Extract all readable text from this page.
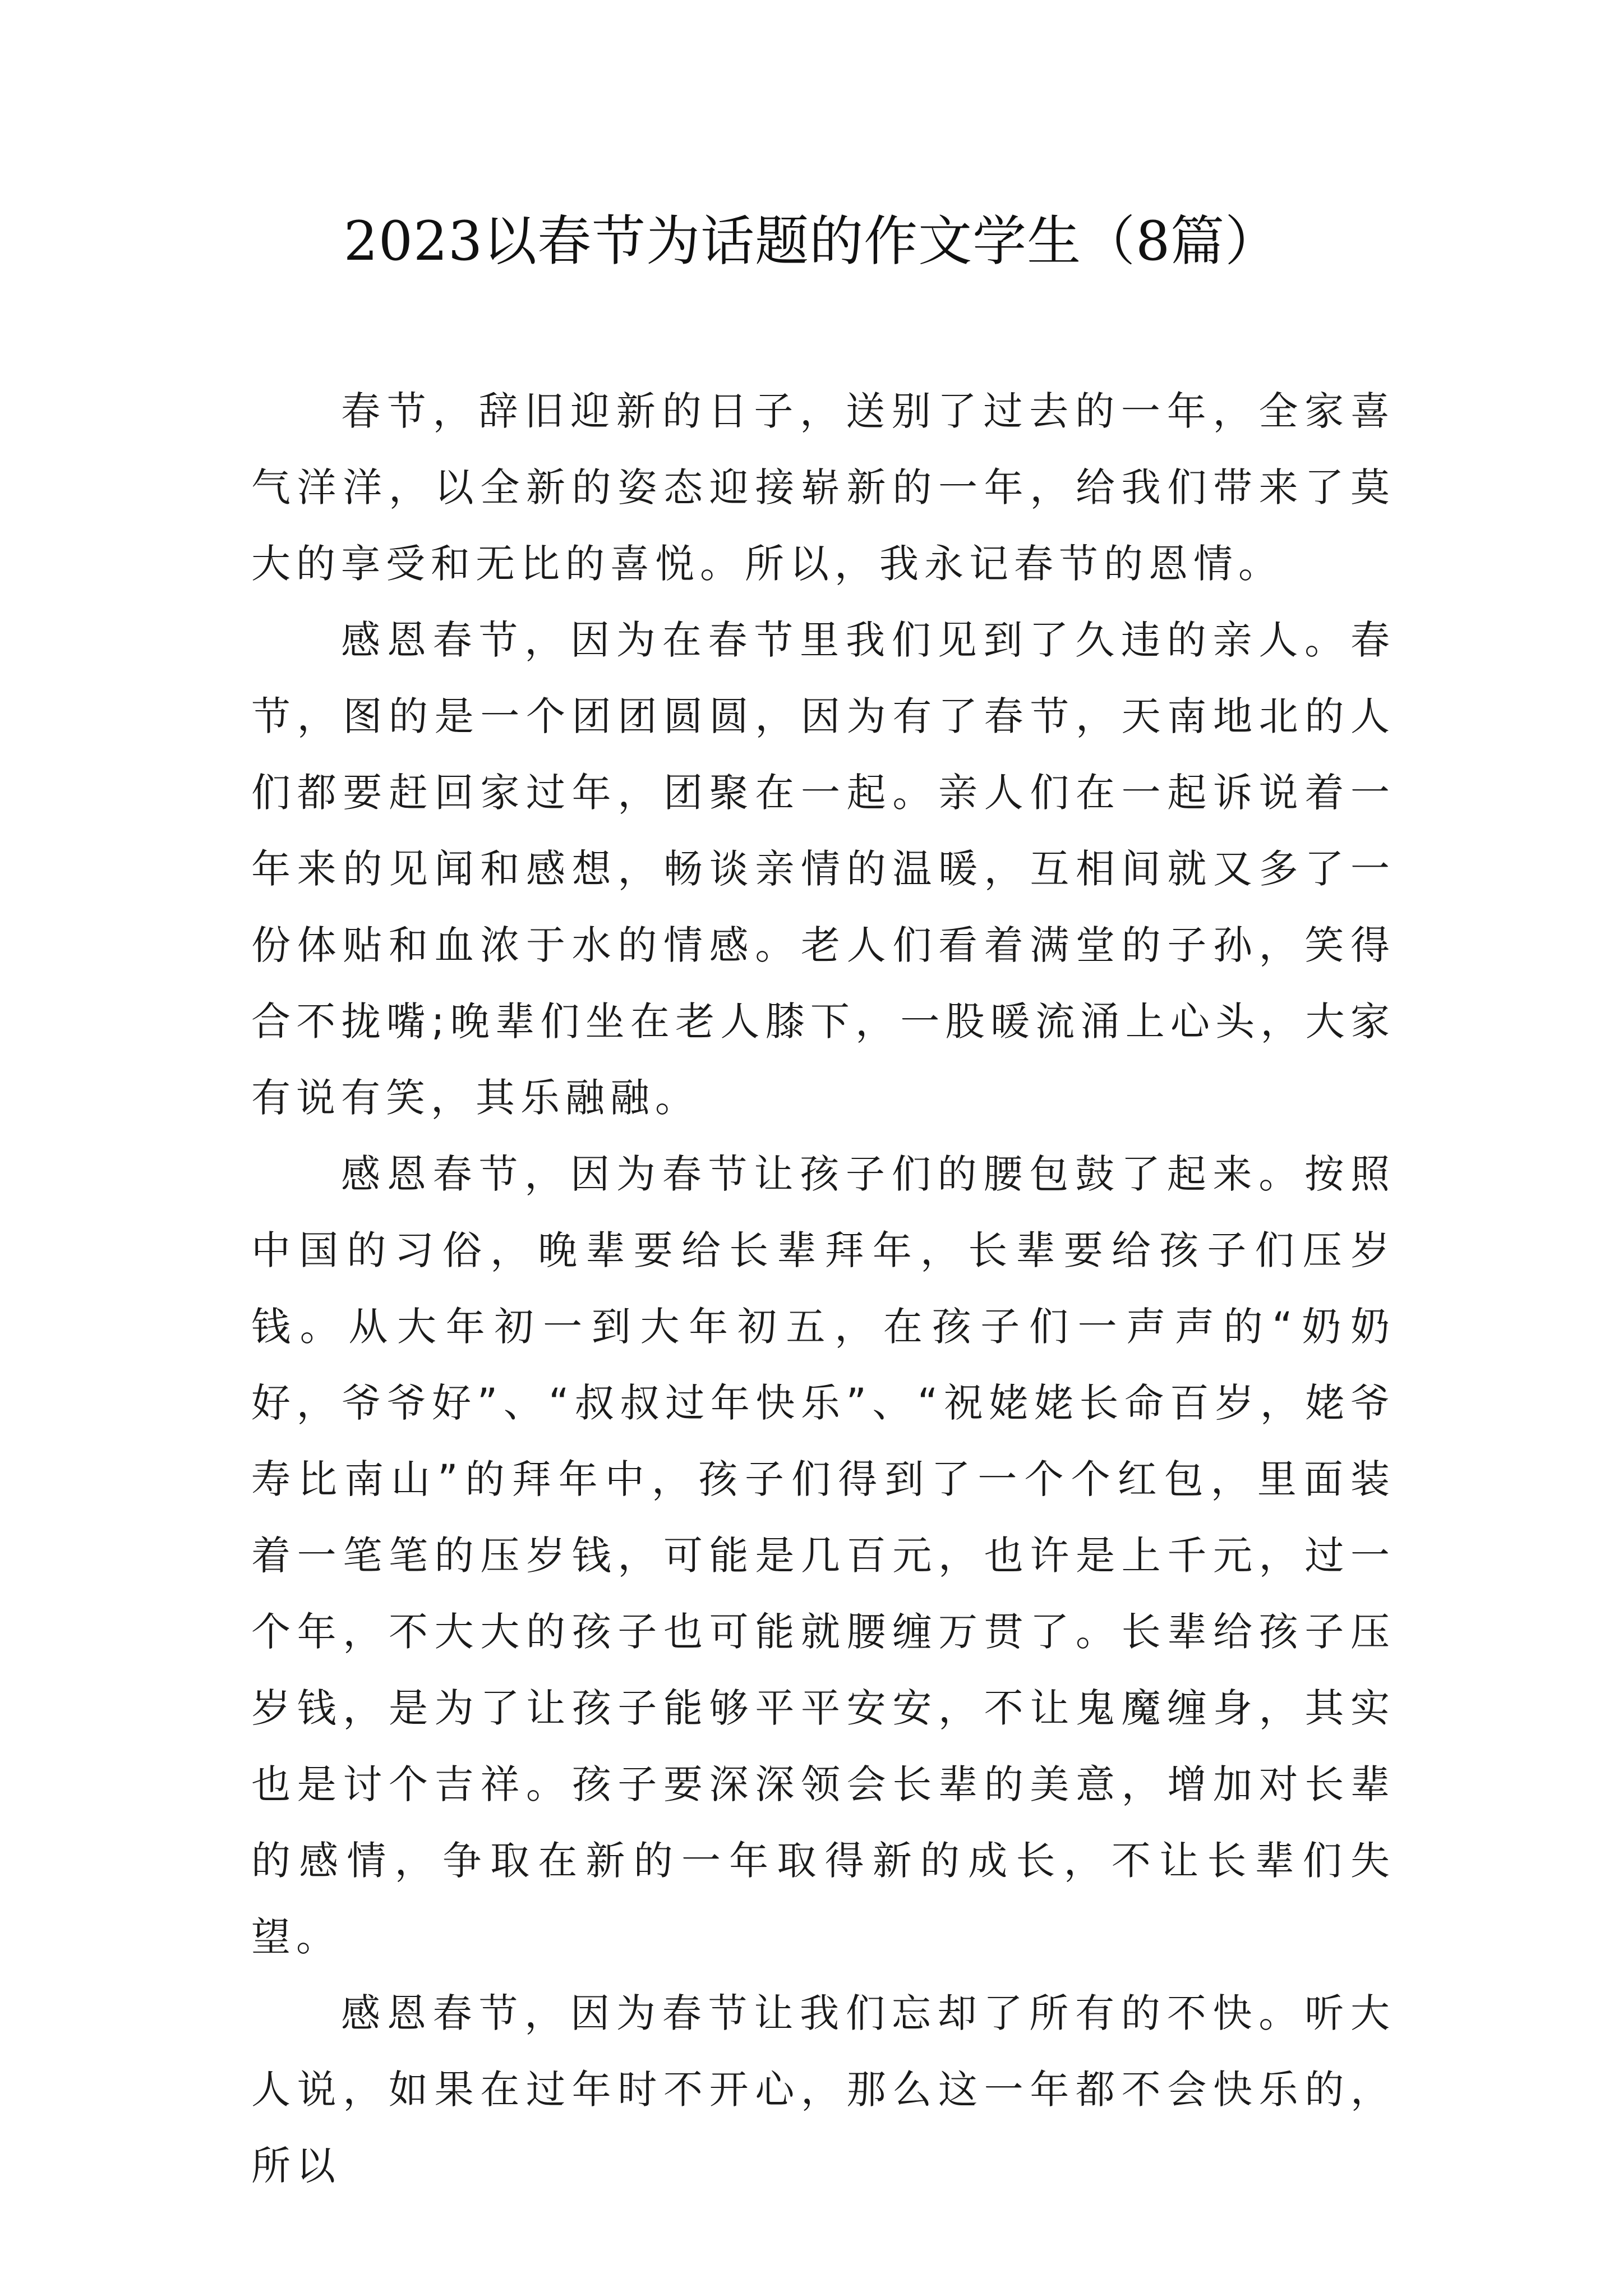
2023以春节为话题的作文学生（8篇）

春节，辞旧迎新的日子，送别了过去的一年，全家喜气洋洋，以全新的姿态迎接崭新的一年，给我们带来了莫大的享受和无比的喜悦。所以，我永记春节的恩情。

感恩春节，因为在春节里我们见到了久违的亲人。春节，图的是一个团团圆圆，因为有了春节，天南地北的人们都要赶回家过年，团聚在一起。亲人们在一起诉说着一年来的见闻和感想，畅谈亲情的温暖，互相间就又多了一份体贴和血浓于水的情感。老人们看着满堂的子孙，笑得合不拢嘴;晚辈们坐在老人膝下，一股暖流涌上心头，大家有说有笑，其乐融融。

感恩春节，因为春节让孩子们的腰包鼓了起来。按照中国的习俗，晚辈要给长辈拜年，长辈要给孩子们压岁钱。从大年初一到大年初五，在孩子们一声声的“奶奶好，爷爷好”、“叔叔过年快乐”、“祝姥姥长命百岁，姥爷寿比南山”的拜年中，孩子们得到了一个个红包，里面装着一笔笔的压岁钱，可能是几百元，也许是上千元，过一个年，不大大的孩子也可能就腰缠万贯了。长辈给孩子压岁钱，是为了让孩子能够平平安安，不让鬼魔缠身，其实也是讨个吉祥。孩子要深深领会长辈的美意，增加对长辈的感情，争取在新的一年取得新的成长，不让长辈们失望。

感恩春节，因为春节让我们忘却了所有的不快。听大人说，如果在过年时不开心，那么这一年都不会快乐的，所以
